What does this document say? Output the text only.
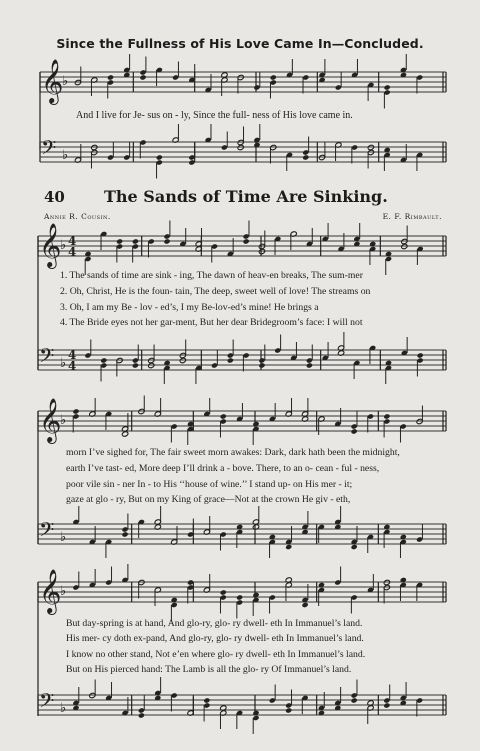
𝄞
♭
𝄢 ♭
𝄞
♭ 4
4
𝄢 ♭
4
4
𝄞
♭
𝄢 ♭
𝄞
♭
𝄢 ♭
Since the Fullness of His Love Came In—Concluded.
And I live for Je- sus on - ly, Since the full- ness of His love came in.
40 The Sands of Time Are Sinking.
Annie R. Cousin.	E. F. Rimbault.
1. The sands of time are sink - ing, The dawn of heav-en breaks, The sum-mer
2. Oh, Christ, He is the foun- tain, The deep, sweet well of love! The streams on
3. Oh, I am my Be - lov - ed’s, I my Be-lov-ed’s mine! He brings a
4. The Bride eyes not her gar-ment, But her dear Bridegroom’s face: I will not
morn I’ve sighed for, The fair sweet morn awakes: Dark, dark hath been the midnight,
earth I’ve tast- ed, More deep I’ll drink a - bove. There, to an o- cean - ful - ness,
poor vile sin - ner In - to His ‘‘house of wine.’’ I stand up- on His mer - it;
gaze at glo - ry, But on my King of grace—Not at the crown He giv - eth,
But day-spring is at hand, And glo-ry, glo- ry dwell- eth In Immanuel’s land.
His mer- cy doth ex-pand, And glo-ry, glo- ry dwell- eth In Immanuel’s land.
I know no other stand, Not e’en where glo- ry dwell- eth In Immanuel’s land.
But on His pierced hand: The Lamb is all the glo- ry Of Immanuel’s land.
